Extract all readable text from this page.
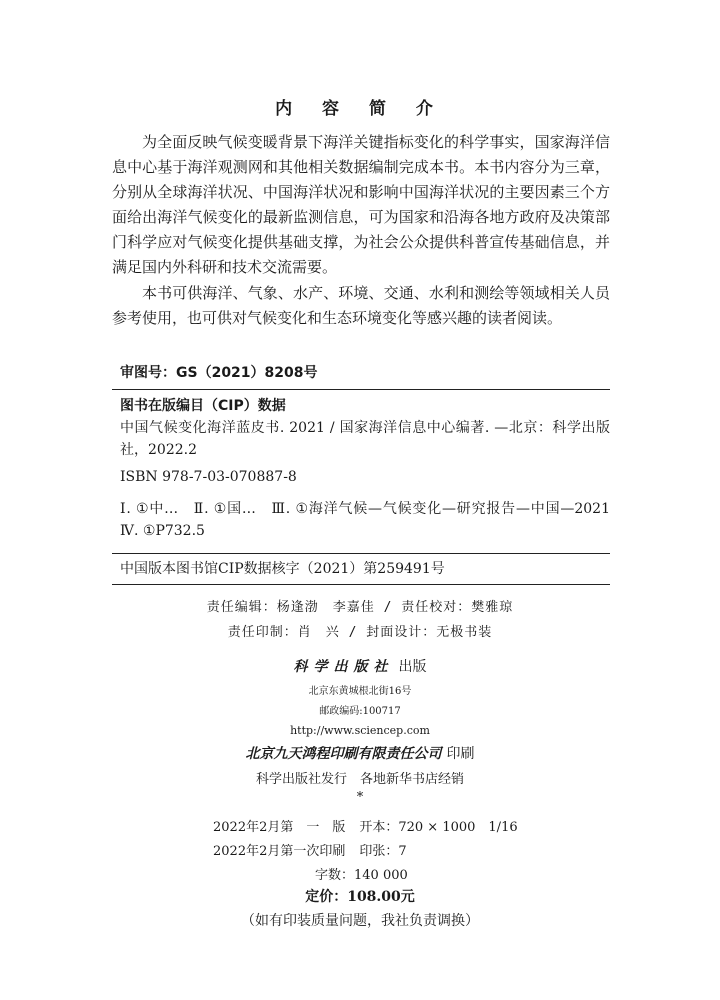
内 容 简 介

为全面反映气候变暖背景下海洋关键指标变化的科学事实，国家海洋信息中心基于海洋观测网和其他相关数据编制完成本书。本书内容分为三章，分别从全球海洋状况、中国海洋状况和影响中国海洋状况的主要因素三个方面给出海洋气候变化的最新监测信息，可为国家和沿海各地方政府及决策部门科学应对气候变化提供基础支撑，为社会公众提供科普宣传基础信息，并满足国内外科研和技术交流需要。

本书可供海洋、气象、水产、环境、交通、水利和测绘等领域相关人员参考使用，也可供对气候变化和生态环境变化等感兴趣的读者阅读。

审图号：GS（2021）8208号
图书在版编目（CIP）数据
中国气候变化海洋蓝皮书. 2021 / 国家海洋信息中心编著. —北京：科学出版社，2022.2
ISBN 978-7-03-070887-8
Ⅰ. ①中…　Ⅱ. ①国…　Ⅲ. ①海洋气候—气候变化—研究报告—中国—2021　Ⅳ. ①P732.5
中国版本图书馆CIP数据核字（2021）第259491号
责任编辑：杨逢渤　李嘉佳 / 责任校对：樊雅琼
责任印制：肖　兴 / 封面设计：无极书装
科学出版社 出版
北京东黄城根北街16号
邮政编码:100717
http://www.sciencep.com
北京九天鸿程印刷有限责任公司 印刷
科学出版社发行　各地新华书店经销
*
2022年2月第　一　版 开本：720 × 1000　1/16
2022年2月第一次印刷 印张：7
字数：140 000
定价：108.00元
（如有印装质量问题，我社负责调换）
